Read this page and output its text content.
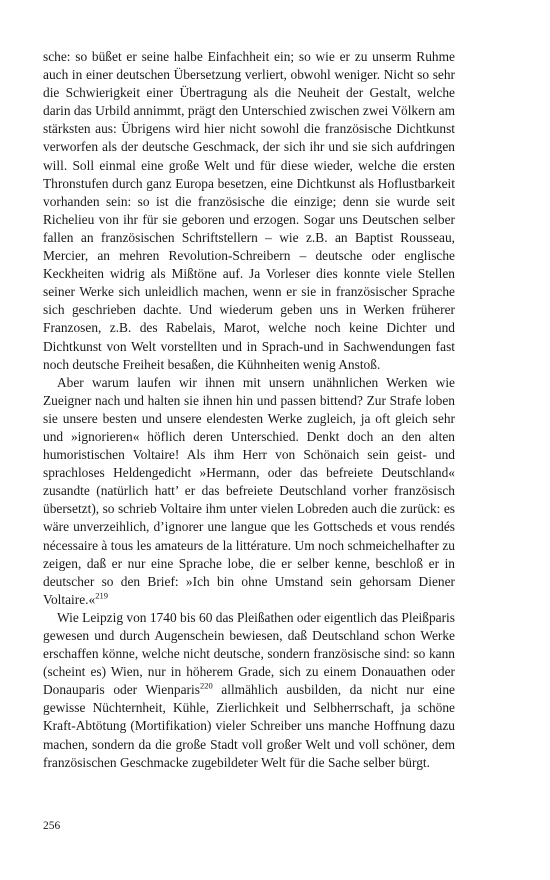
sche: so büßet er seine halbe Einfachheit ein; so wie er zu unserm Ruhme auch in einer deutschen Übersetzung verliert, obwohl weniger. Nicht so sehr die Schwierigkeit einer Übertragung als die Neuheit der Gestalt, welche darin das Urbild annimmt, prägt den Unterschied zwischen zwei Völkern am stärksten aus: Übrigens wird hier nicht sowohl die französische Dichtkunst verworfen als der deutsche Geschmack, der sich ihr und sie sich aufdringen will. Soll einmal eine große Welt und für diese wieder, welche die ersten Thronstufen durch ganz Europa besetzen, eine Dichtkunst als Hoflustbarkeit vorhanden sein: so ist die französische die einzige; denn sie wurde seit Richelieu von ihr für sie geboren und erzogen. Sogar uns Deutschen selber fallen an französischen Schriftstellern – wie z.B. an Baptist Rousseau, Mercier, an mehren Revolution-Schreibern – deutsche oder englische Keckheiten widrig als Mißtöne auf. Ja Vorleser dies konnte viele Stellen seiner Werke sich unleidlich machen, wenn er sie in französischer Sprache sich geschrieben dachte. Und wiederum geben uns in Werken früherer Franzosen, z.B. des Rabelais, Marot, welche noch keine Dichter und Dichtkunst von Welt vorstellten und in Sprach-und in Sachwendungen fast noch deutsche Freiheit besaßen, die Kühnheiten wenig Anstoß.

Aber warum laufen wir ihnen mit unsern unähnlichen Werken wie Zueigner nach und halten sie ihnen hin und passen bittend? Zur Strafe loben sie unsere besten und unsere elendesten Werke zugleich, ja oft gleich sehr und »ignorieren« höflich deren Unterschied. Denkt doch an den alten humoristischen Voltaire! Als ihm Herr von Schönaich sein geist- und sprachloses Heldengedicht »Hermann, oder das befreiete Deutschland« zusandte (natürlich hatt’ er das befreiete Deutschland vorher französisch übersetzt), so schrieb Voltaire ihm unter vielen Lobreden auch die zurück: es wäre unverzeihlich, d’ignorer une langue que les Gottscheds et vous rendés nécessaire à tous les amateurs de la littérature. Um noch schmeichelhafter zu zeigen, daß er nur eine Sprache lobe, die er selber kenne, beschloß er in deutscher so den Brief: »Ich bin ohne Umstand sein gehorsam Diener Voltaire.«$^{219}$

Wie Leipzig von 1740 bis 60 das Pleißathen oder eigentlich das Pleißparis gewesen und durch Augenschein bewiesen, daß Deutschland schon Werke erschaffen könne, welche nicht deutsche, sondern französische sind: so kann (scheint es) Wien, nur in höherem Grade, sich zu einem Donauathen oder Donauparis oder Wienparis$^{220}$ allmählich ausbilden, da nicht nur eine gewisse Nüchternheit, Kühle, Zierlichkeit und Selbherrschaft, ja schöne Kraft-Abtötung (Mortifikation) vieler Schreiber uns manche Hoffnung dazu machen, sondern da die große Stadt voll großer Welt und voll schöner, dem französischen Geschmacke zugebildeter Welt für die Sache selber bürgt.

256
